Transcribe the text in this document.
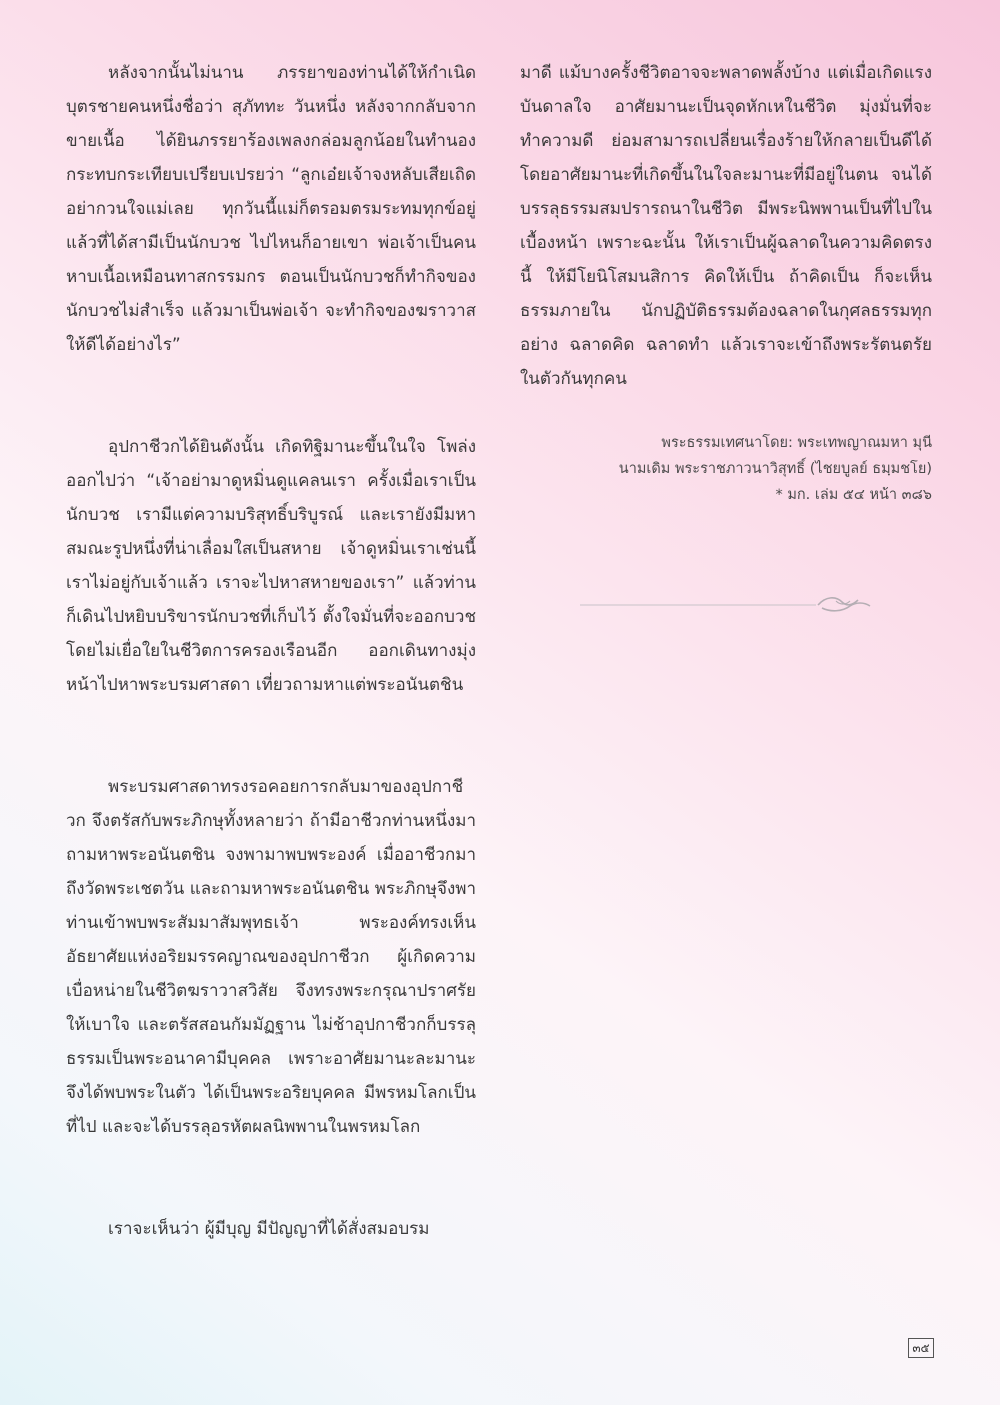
หลังจากนั้นไม่นาน ภรรยาของท่านได้ให้กำเนิดบุตรชายคนหนึ่งชื่อว่า สุภัททะ วันหนึ่ง หลังจากกลับจากขายเนื้อ ได้ยินภรรยาร้องเพลงกล่อมลูกน้อยในทำนองกระทบกระเทียบเปรียบเปรยว่า “ลูกเอ๋ยเจ้าจงหลับเสียเถิด อย่ากวนใจแม่เลย ทุกวันนี้แม่ก็ตรอมตรมระทมทุกข์อยู่แล้วที่ได้สามีเป็นนักบวช ไปไหนก็อายเขา พ่อเจ้าเป็นคนหาบเนื้อเหมือนทาสกรรมกร ตอนเป็นนักบวชก็ทำกิจของนักบวชไม่สำเร็จ แล้วมาเป็นพ่อเจ้า จะทำกิจของฆราวาสให้ดีได้อย่างไร”

อุปกาชีวกได้ยินดังนั้น เกิดทิฐิมานะขึ้นในใจ โพล่งออกไปว่า “เจ้าอย่ามาดูหมิ่นดูแคลนเรา ครั้งเมื่อเราเป็นนักบวช เรามีแต่ความบริสุทธิ์บริบูรณ์ และเรายังมีมหาสมณะรูปหนึ่งที่น่าเลื่อมใสเป็นสหาย เจ้าดูหมิ่นเราเช่นนี้ เราไม่อยู่กับเจ้าแล้ว เราจะไปหาสหายของเรา” แล้วท่านก็เดินไปหยิบบริขารนักบวชที่เก็บไว้ ตั้งใจมั่นที่จะออกบวช โดยไม่เยื่อใยในชีวิตการครองเรือนอีก ออกเดินทางมุ่งหน้าไปหาพระบรมศาสดา เที่ยวถามหาแต่พระอนันตชิน

พระบรมศาสดาทรงรอคอยการกลับมาของอุปกาชีวก จึงตรัสกับพระภิกษุทั้งหลายว่า ถ้ามีอาชีวกท่านหนึ่งมาถามหาพระอนันตชิน จงพามาพบพระองค์ เมื่ออาชีวกมาถึงวัดพระเชตวัน และถามหาพระอนันตชิน พระภิกษุจึงพาท่านเข้าพบพระสัมมาสัมพุทธเจ้า พระองค์ทรงเห็นอัธยาศัยแห่งอริยมรรคญาณของอุปกาชีวก ผู้เกิดความเบื่อหน่ายในชีวิตฆราวาสวิสัย จึงทรงพระกรุณาปราศรัยให้เบาใจ และตรัสสอนกัมมัฏฐาน ไม่ช้าอุปกาชีวกก็บรรลุธรรมเป็นพระอนาคามีบุคคล เพราะอาศัยมานะละมานะจึงได้พบพระในตัว ได้เป็นพระอริยบุคคล มีพรหมโลกเป็นที่ไป และจะได้บรรลุอรหัตผลนิพพานในพรหมโลก

เราจะเห็นว่า ผู้มีบุญ มีปัญญาที่ได้สั่งสมอบรม

มาดี แม้บางครั้งชีวิตอาจจะพลาดพลั้งบ้าง แต่เมื่อเกิดแรงบันดาลใจ อาศัยมานะเป็นจุดหักเหในชีวิต มุ่งมั่นที่จะทำความดี ย่อมสามารถเปลี่ยนเรื่องร้ายให้กลายเป็นดีได้ โดยอาศัยมานะที่เกิดขึ้นในใจละมานะที่มีอยู่ในตน จนได้บรรลุธรรมสมปรารถนาในชีวิต มีพระนิพพานเป็นที่ไปในเบื้องหน้า เพราะฉะนั้น ให้เราเป็นผู้ฉลาดในความคิดตรงนี้ ให้มีโยนิโสมนสิการ คิดให้เป็น ถ้าคิดเป็น ก็จะเห็นธรรมภายใน นักปฏิบัติธรรมต้องฉลาดในกุศลธรรมทุกอย่าง ฉลาดคิด ฉลาดทำ แล้วเราจะเข้าถึงพระรัตนตรัยในตัวกันทุกคน

พระธรรมเทศนาโดย: พระเทพญาณมหา มุนี
นามเดิม พระราชภาวนาวิสุทธิ์ (ไชยบูลย์ ธมฺมชโย)
* มก. เล่ม ๕๔ หน้า ๓๘๖
๓๕
